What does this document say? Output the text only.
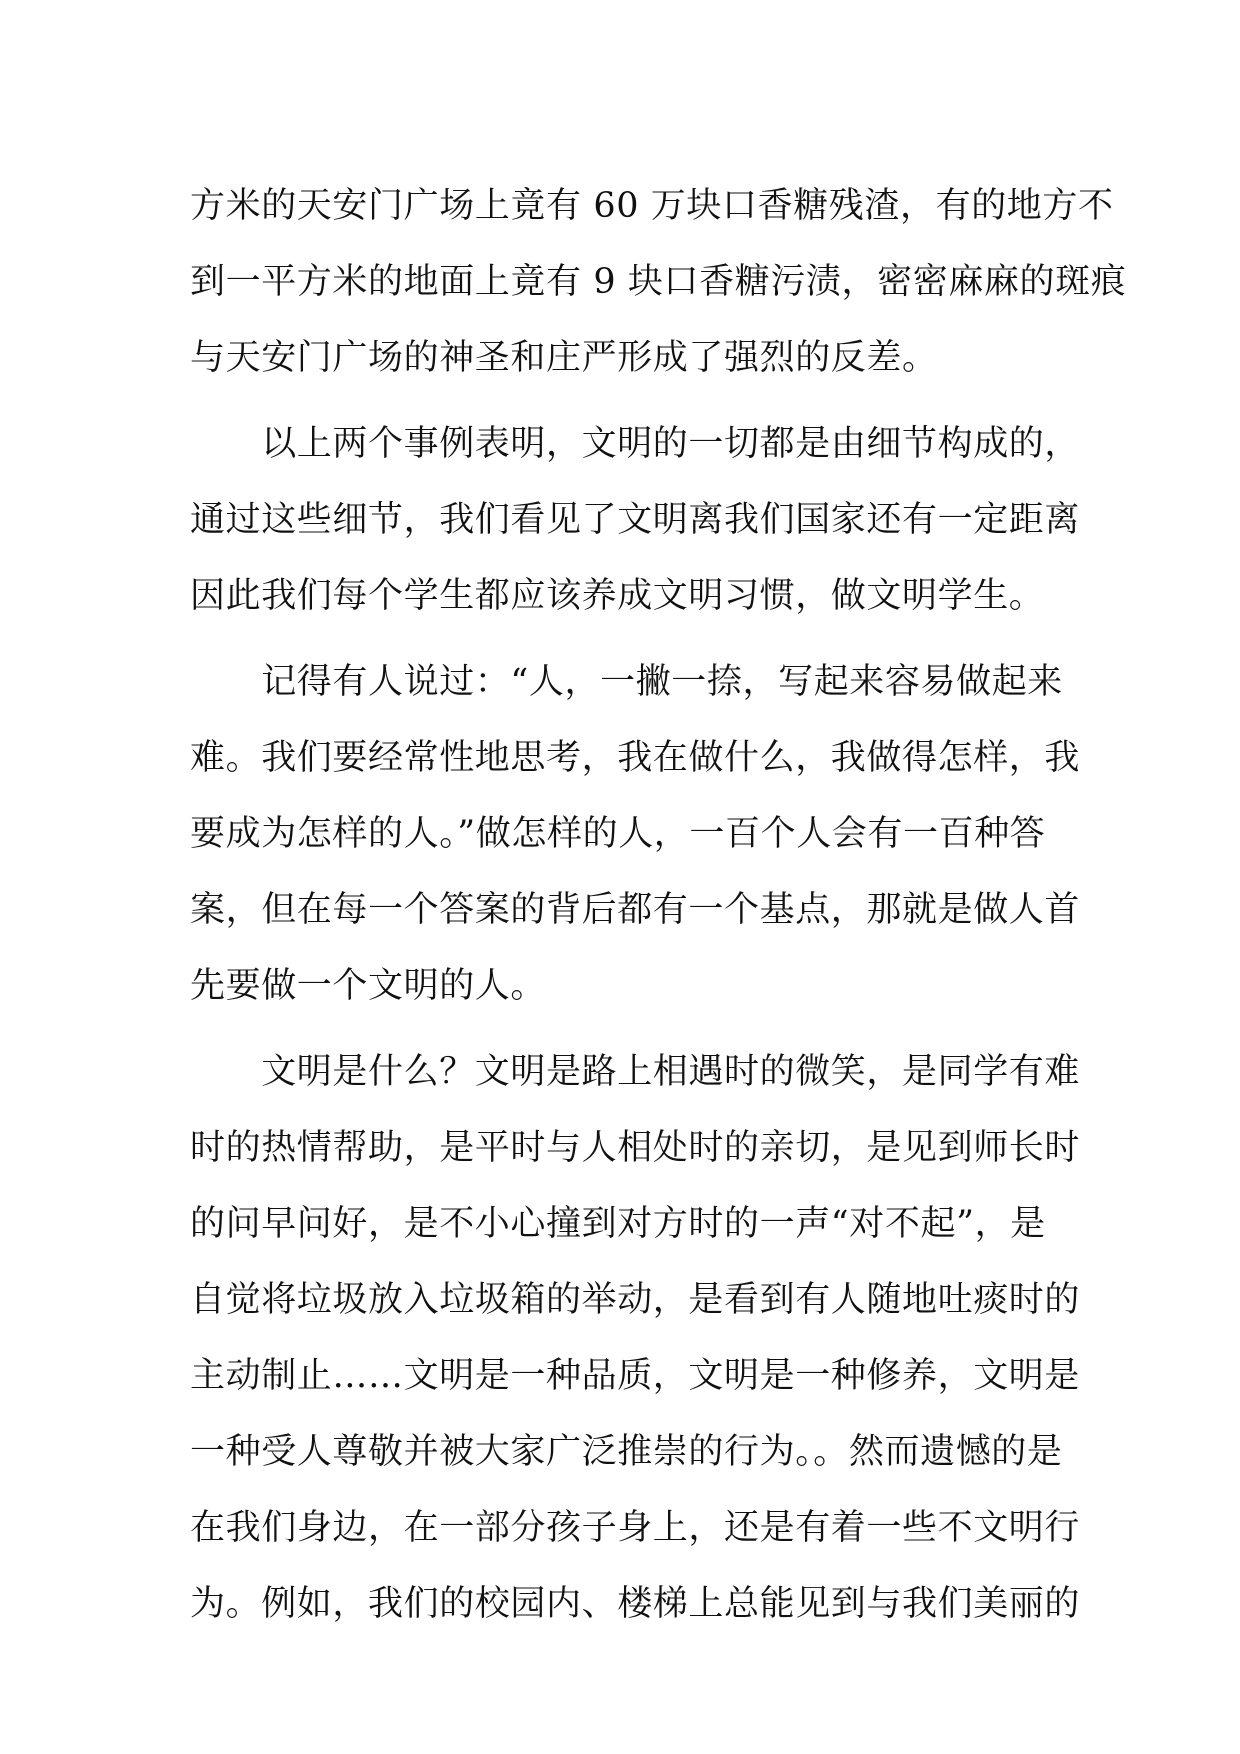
方米的天安门广场上竟有 60 万块口香糖残渣，有的地方不
到一平方米的地面上竟有 9 块口香糖污渍，密密麻麻的斑痕
与天安门广场的神圣和庄严形成了强烈的反差。
　　以上两个事例表明，文明的一切都是由细节构成的，
通过这些细节，我们看见了文明离我们国家还有一定距离
因此我们每个学生都应该养成文明习惯，做文明学生。
　　记得有人说过：“人，一撇一捺，写起来容易做起来
难。我们要经常性地思考，我在做什么，我做得怎样，我
要成为怎样的人。”做怎样的人，一百个人会有一百种答
案，但在每一个答案的背后都有一个基点，那就是做人首
先要做一个文明的人。
　　文明是什么？文明是路上相遇时的微笑，是同学有难
时的热情帮助，是平时与人相处时的亲切，是见到师长时
的问早问好，是不小心撞到对方时的一声“对不起”，是
自觉将垃圾放入垃圾箱的举动，是看到有人随地吐痰时的
主动制止……文明是一种品质，文明是一种修养，文明是
一种受人尊敬并被大家广泛推崇的行为。。然而遗憾的是
在我们身边，在一部分孩子身上，还是有着一些不文明行
为。例如，我们的校园内、楼梯上总能见到与我们美丽的
